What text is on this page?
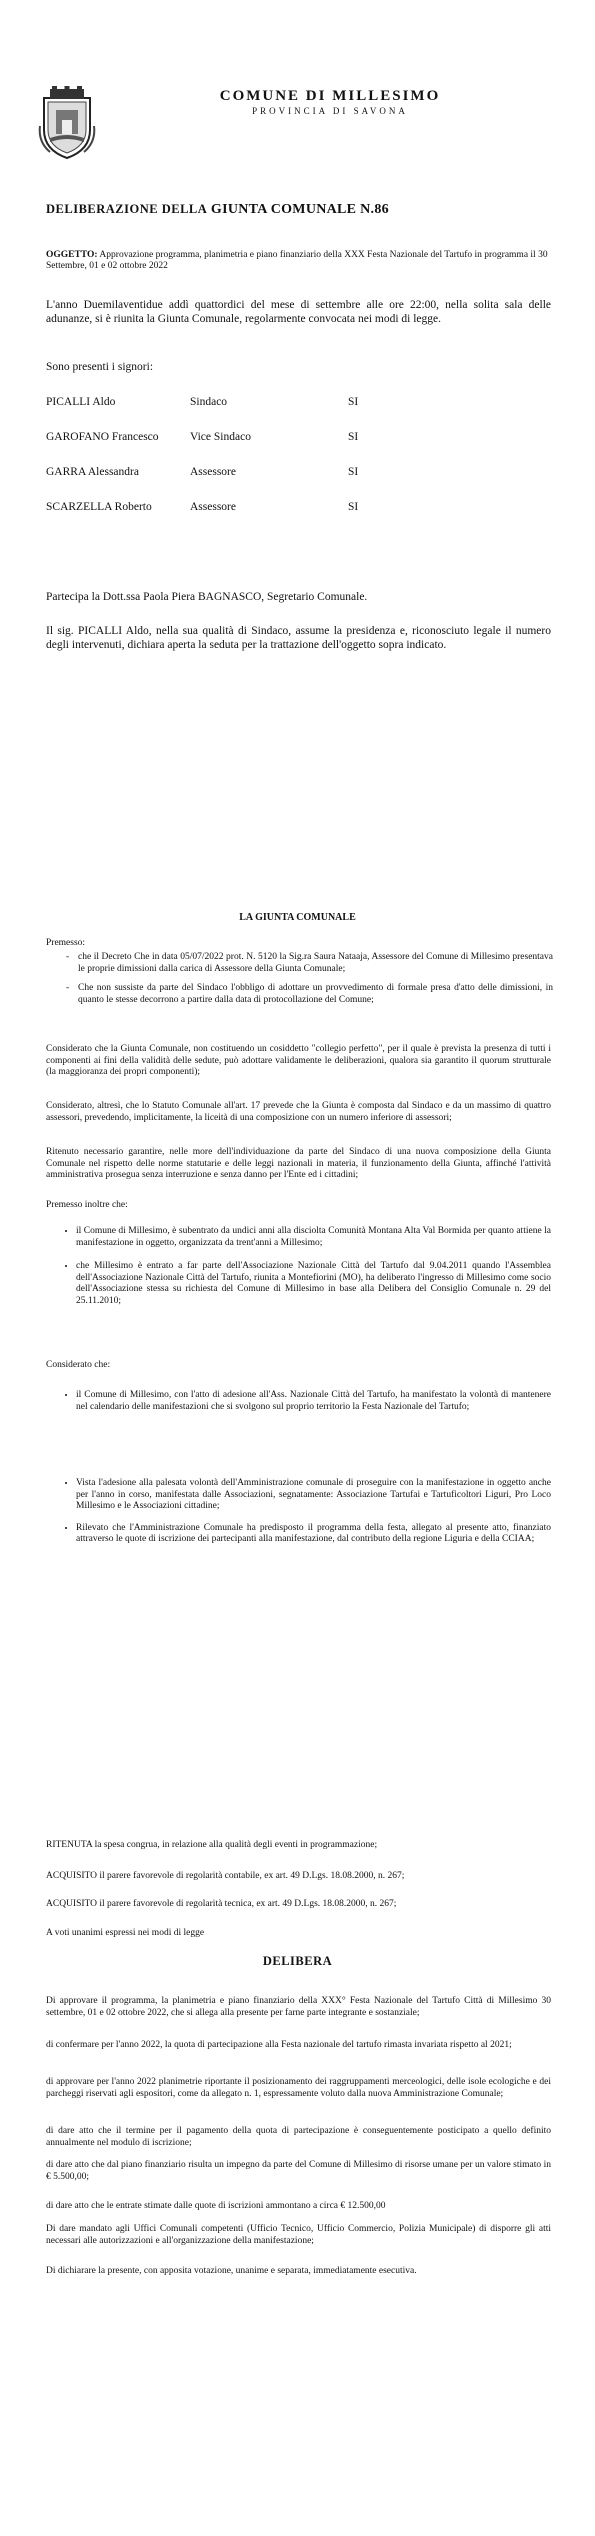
COMUNE DI MILLESIMO
PROVINCIA DI SAVONA
DELIBERAZIONE DELLA GIUNTA COMUNALE N.86
OGGETTO: Approvazione programma, planimetria e piano finanziario della XXX Festa Nazionale del Tartufo in programma il 30 Settembre, 01 e 02 ottobre 2022
L'anno Duemilaventidue addì quattordici del mese di settembre alle ore 22:00, nella solita sala delle adunanze, si è riunita la Giunta Comunale, regolarmente convocata nei modi di legge.
Sono presenti i signori:
PICALLI Aldo	Sindaco	SI
GAROFANO Francesco	Vice Sindaco	SI
GARRA Alessandra	Assessore	SI
SCARZELLA Roberto	Assessore	SI
Partecipa la Dott.ssa Paola Piera BAGNASCO, Segretario Comunale.
Il sig. PICALLI Aldo, nella sua qualità di Sindaco, assume la presidenza e, riconosciuto legale il numero degli intervenuti, dichiara aperta la seduta per la trattazione dell'oggetto sopra indicato.
LA GIUNTA COMUNALE
Premesso:
- che il Decreto Che in data 05/07/2022 prot. N. 5120 la Sig.ra Saura Nataaja, Assessore del Comune di Millesimo presentava le proprie dimissioni dalla carica di Assessore della Giunta Comunale;
- Che non sussiste da parte del Sindaco l'obbligo di adottare un provvedimento di formale presa d'atto delle dimissioni, in quanto le stesse decorrono a partire dalla data di protocollazione del Comune;
Considerato che la Giunta Comunale, non costituendo un cosiddetto "collegio perfetto", per il quale è prevista la presenza di tutti i componenti ai fini della validità delle sedute, può adottare validamente le deliberazioni, qualora sia garantito il quorum strutturale (la maggioranza dei propri componenti);
Considerato, altresì, che lo Statuto Comunale all'art. 17 prevede che la Giunta è composta dal Sindaco e da un massimo di quattro assessori, prevedendo, implicitamente, la liceità di una composizione con un numero inferiore di assessori;
Ritenuto necessario garantire, nelle more dell'individuazione da parte del Sindaco di una nuova composizione della Giunta Comunale nel rispetto delle norme statutarie e delle leggi nazionali in materia, il funzionamento della Giunta, affinché l'attività amministrativa prosegua senza interruzione e senza danno per l'Ente ed i cittadini;
Premesso inoltre che:
• il Comune di Millesimo, è subentrato da undici anni alla disciolta Comunità Montana Alta Val Bormida per quanto attiene la manifestazione in oggetto, organizzata da trent'anni a Millesimo;
• che Millesimo è entrato a far parte dell'Associazione Nazionale Città del Tartufo dal 9.04.2011 quando l'Assemblea dell'Associazione Nazionale Città del Tartufo, riunita a Montefiorini (MO), ha deliberato l'ingresso di Millesimo come socio dell'Associazione stessa su richiesta del Comune di Millesimo in base alla Delibera del Consiglio Comunale n. 29 del 25.11.2010;
Considerato che:
• il Comune di Millesimo, con l'atto di adesione all'Ass. Nazionale Città del Tartufo, ha manifestato la volontà di mantenere nel calendario delle manifestazioni che si svolgono sul proprio territorio la Festa Nazionale del Tartufo;
• Vista l'adesione alla palesata volontà dell'Amministrazione comunale di proseguire con la manifestazione in oggetto anche per l'anno in corso, manifestata dalle Associazioni, segnatamente: Associazione Tartufai e Tartuficoltori Liguri, Pro Loco Millesimo e le Associazioni cittadine;
• Rilevato che l'Amministrazione Comunale ha predisposto il programma della festa, allegato al presente atto, finanziato attraverso le quote di iscrizione dei partecipanti alla manifestazione, dal contributo della regione Liguria e della CCIAA;
RITENUTA la spesa congrua, in relazione alla qualità degli eventi in programmazione;
ACQUISITO il parere favorevole di regolarità contabile, ex art. 49 D.Lgs. 18.08.2000, n. 267;
ACQUISITO il parere favorevole di regolarità tecnica, ex art. 49 D.Lgs. 18.08.2000, n. 267;
A voti unanimi espressi nei modi di legge
DELIBERA
Di approvare il programma, la planimetria e piano finanziario della XXX° Festa Nazionale del Tartufo Città di Millesimo 30 settembre, 01 e 02 ottobre 2022, che si allega alla presente per farne parte integrante e sostanziale;
di confermare per l'anno 2022, la quota di partecipazione alla Festa nazionale del tartufo rimasta invariata rispetto al 2021;
di approvare per l'anno 2022 planimetrie riportante il posizionamento dei raggruppamenti merceologici, delle isole ecologiche e dei parcheggi riservati agli espositori, come da allegato n. 1, espressamente voluto dalla nuova Amministrazione Comunale;
di dare atto che il termine per il pagamento della quota di partecipazione è conseguentemente posticipato a quello definito annualmente nel modulo di iscrizione;
di dare atto che dal piano finanziario risulta un impegno da parte del Comune di Millesimo di risorse umane per un valore stimato in € 5.500,00;
di dare atto che le entrate stimate dalle quote di iscrizioni ammontano a circa € 12.500,00
Di dare mandato agli Uffici Comunali competenti (Ufficio Tecnico, Ufficio Commercio, Polizia Municipale) di disporre gli atti necessari alle autorizzazioni e all'organizzazione della manifestazione;
Di dichiarare la presente, con apposita votazione, unanime e separata, immediatamente esecutiva.
